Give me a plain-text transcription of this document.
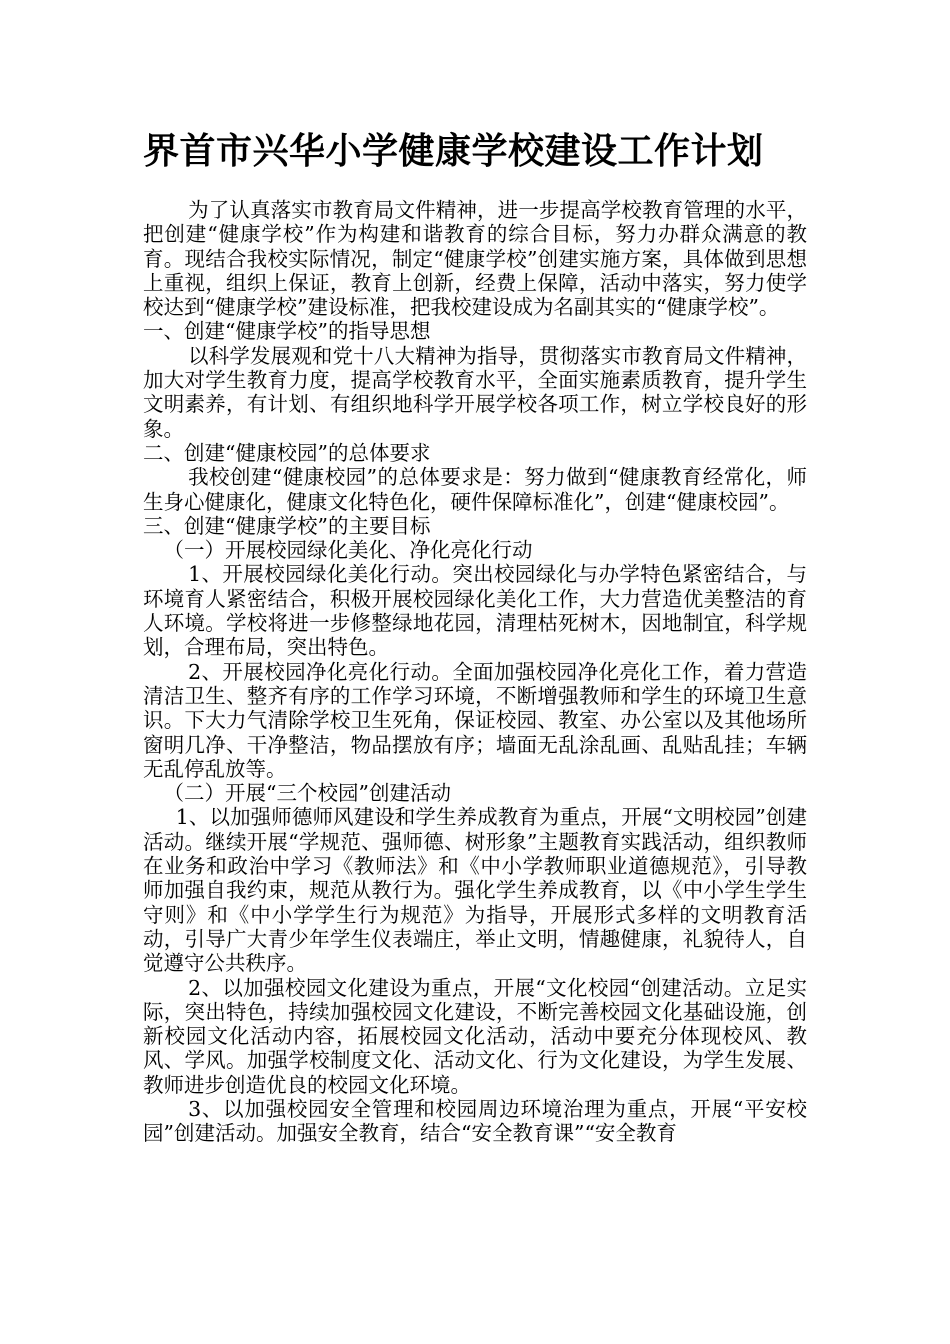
界首市兴华小学健康学校建设工作计划

为了认真落实市教育局文件精神，进一步提高学校教育管理的水平，把创建“健康学校”作为构建和谐教育的综合目标，努力办群众满意的教育。现结合我校实际情况，制定“健康学校”创建实施方案，具体做到思想上重视，组织上保证，教育上创新，经费上保障，活动中落实，努力使学校达到“健康学校”建设标准，把我校建设成为名副其实的“健康学校”。

一、创建“健康学校”的指导思想

以科学发展观和党十八大精神为指导，贯彻落实市教育局文件精神，加大对学生教育力度，提高学校教育水平，全面实施素质教育，提升学生文明素养，有计划、有组织地科学开展学校各项工作，树立学校良好的形象。

二、创建“健康校园”的总体要求

我校创建“健康校园”的总体要求是：努力做到“健康教育经常化，师生身心健康化，健康文化特色化，硬件保障标准化”，创建“健康校园”。

三、创建“健康学校”的主要目标

（一）开展校园绿化美化、净化亮化行动

1、开展校园绿化美化行动。突出校园绿化与办学特色紧密结合，与环境育人紧密结合，积极开展校园绿化美化工作，大力营造优美整洁的育人环境。学校将进一步修整绿地花园，清理枯死树木，因地制宜，科学规划，合理布局，突出特色。

2、开展校园净化亮化行动。全面加强校园净化亮化工作，着力营造清洁卫生、整齐有序的工作学习环境，不断增强教师和学生的环境卫生意识。下大力气清除学校卫生死角，保证校园、教室、办公室以及其他场所窗明几净、干净整洁，物品摆放有序；墙面无乱涂乱画、乱贴乱挂；车辆无乱停乱放等。

（二）开展“三个校园”创建活动

1、以加强师德师风建设和学生养成教育为重点，开展“文明校园”创建活动。继续开展“学规范、强师德、树形象”主题教育实践活动，组织教师在业务和政治中学习《教师法》和《中小学教师职业道德规范》，引导教师加强自我约束，规范从教行为。强化学生养成教育，以《中小学生学生守则》和《中小学学生行为规范》为指导，开展形式多样的文明教育活动，引导广大青少年学生仪表端庄，举止文明，情趣健康，礼貌待人，自觉遵守公共秩序。

2、以加强校园文化建设为重点，开展“文化校园“创建活动。立足实际，突出特色，持续加强校园文化建设，不断完善校园文化基础设施，创新校园文化活动内容，拓展校园文化活动，活动中要充分体现校风、教风、学风。加强学校制度文化、活动文化、行为文化建设，为学生发展、教师进步创造优良的校园文化环境。

3、以加强校园安全管理和校园周边环境治理为重点，开展“平安校园”创建活动。加强安全教育，结合“安全教育课”“安全教育
